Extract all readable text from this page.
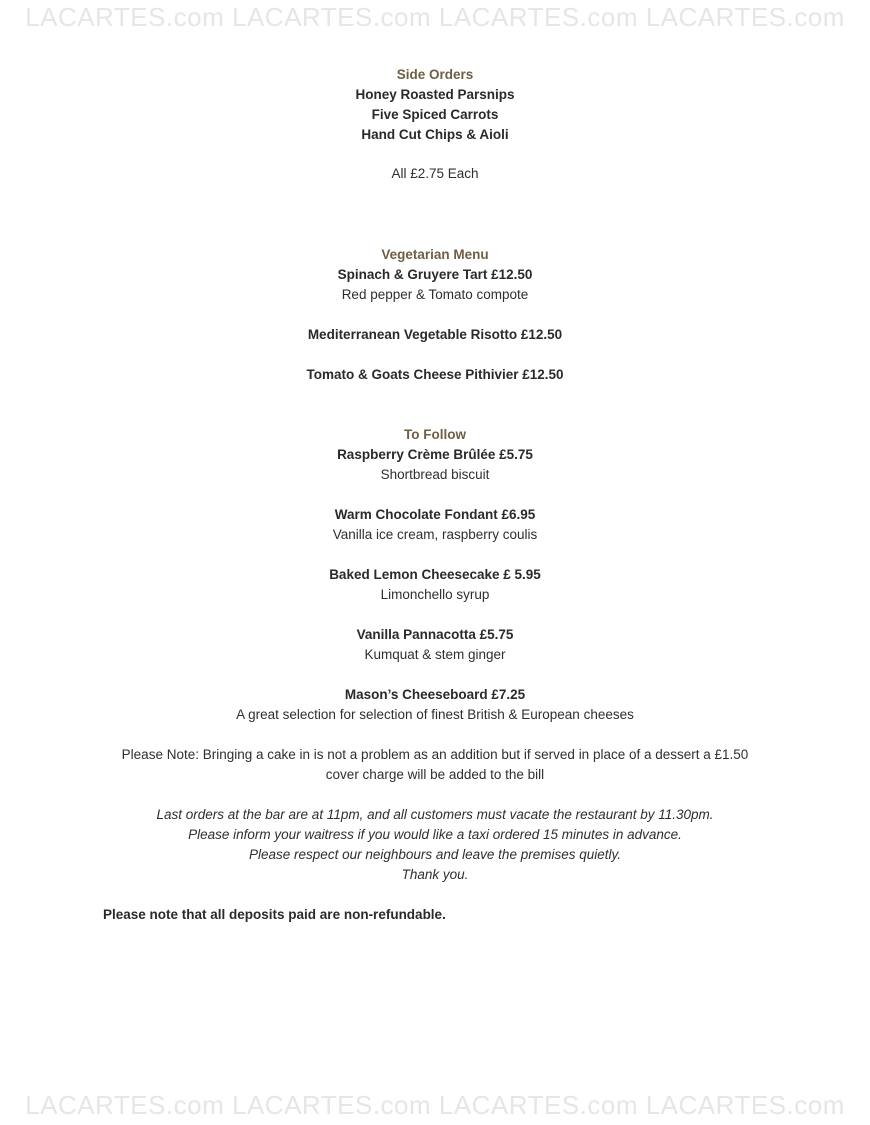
LACARTES.com LACARTES.com LACARTES.com LACARTES.com
Side Orders
Honey Roasted Parsnips
Five Spiced Carrots
Hand Cut Chips & Aioli
All £2.75 Each
Vegetarian Menu
Spinach & Gruyere Tart £12.50
Red pepper & Tomato compote
Mediterranean Vegetable Risotto £12.50
Tomato & Goats Cheese Pithivier £12.50
To Follow
Raspberry Crème Brûlée £5.75
Shortbread biscuit
Warm Chocolate Fondant £6.95
Vanilla ice cream, raspberry coulis
Baked Lemon Cheesecake £ 5.95
Limonchello syrup
Vanilla Pannacotta £5.75
Kumquat & stem ginger
Mason’s Cheeseboard £7.25
A great selection for selection of finest British & European cheeses
Please Note: Bringing a cake in is not a problem as an addition but if served in place of a dessert a £1.50
cover charge will be added to the bill
Last orders at the bar are at 11pm, and all customers must vacate the restaurant by 11.30pm.
Please inform your waitress if you would like a taxi ordered 15 minutes in advance.
Please respect our neighbours and leave the premises quietly.
Thank you.
Please note that all deposits paid are non-refundable.
LACARTES.com LACARTES.com LACARTES.com LACARTES.com
